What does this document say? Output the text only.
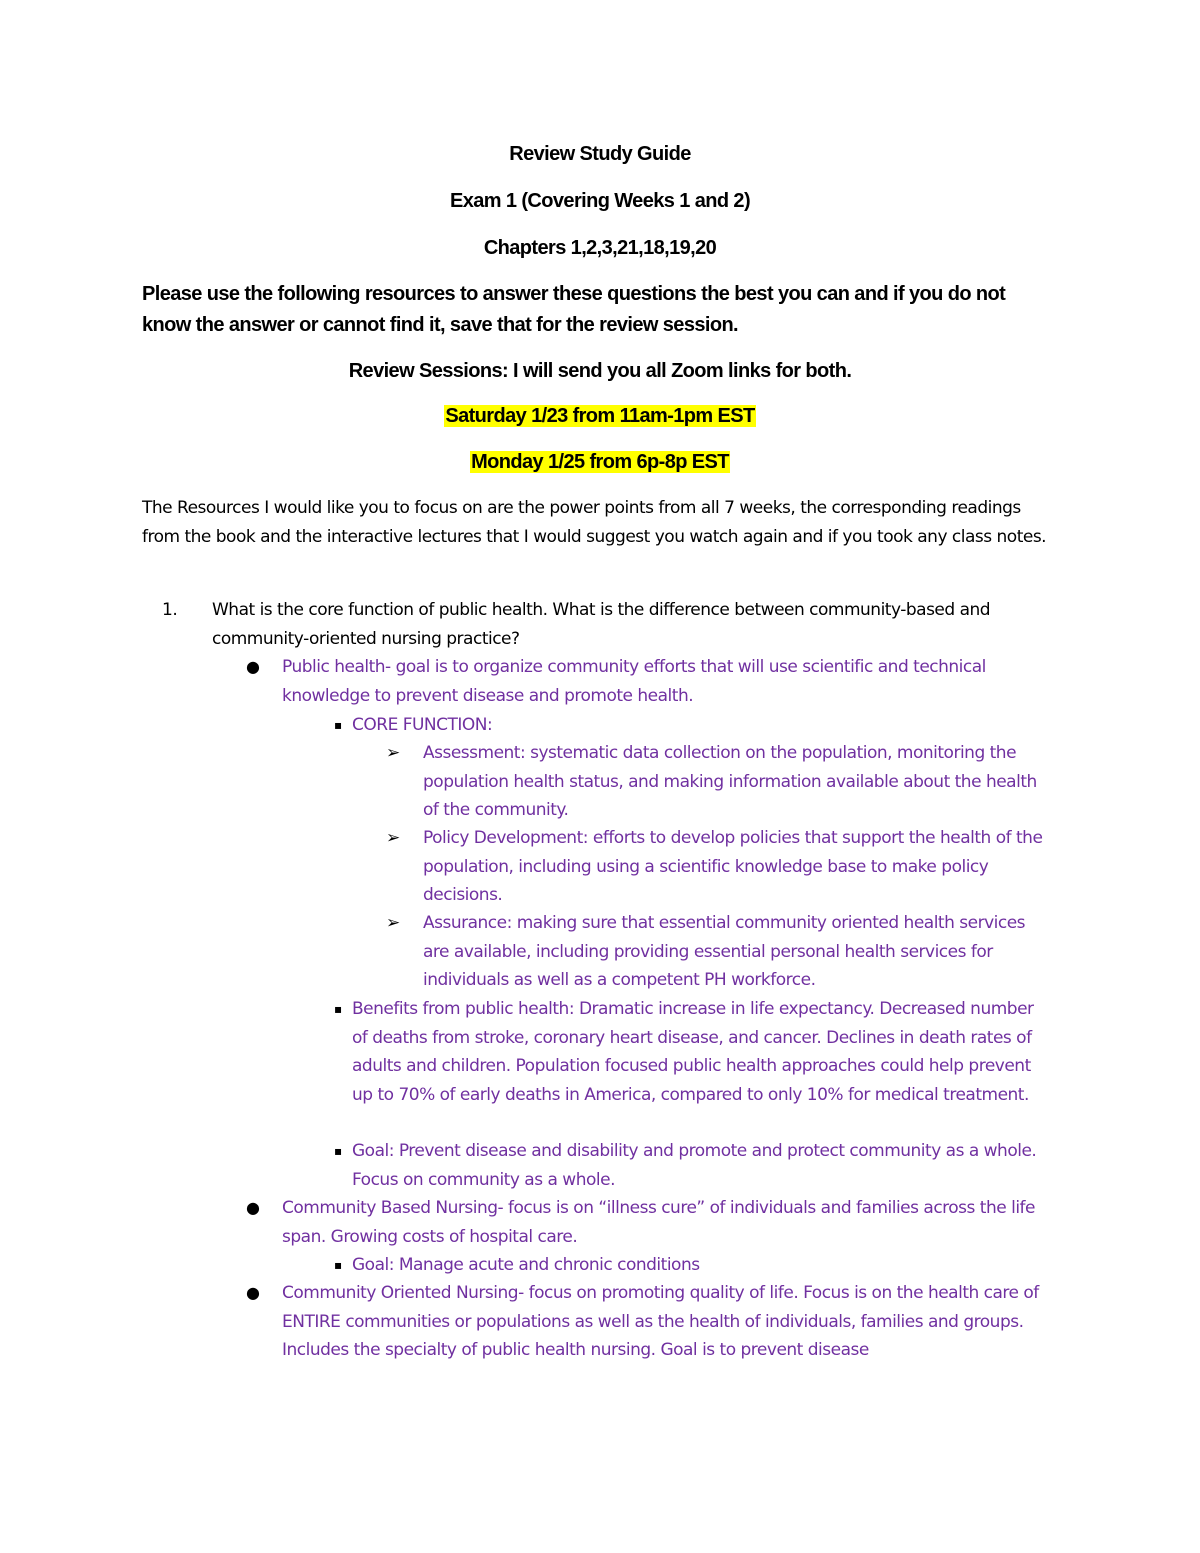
Review Study Guide
Exam 1 (Covering Weeks 1 and 2)
Chapters 1,2,3,21,18,19,20
Please use the following resources to answer these questions the best you can and if you do not know the answer or cannot find it, save that for the review session.
Review Sessions: I will send you all Zoom links for both.
Saturday 1/23 from 11am-1pm EST
Monday 1/25 from 6p-8p EST
The Resources I would like you to focus on are the power points from all 7 weeks, the corresponding readings from the book and the interactive lectures that I would suggest you watch again and if you took any class notes.
1. What is the core function of public health. What is the difference between community-based and community-oriented nursing practice?
● Public health- goal is to organize community efforts that will use scientific and technical knowledge to prevent disease and promote health.
▪ CORE FUNCTION:
➢ Assessment: systematic data collection on the population, monitoring the population health status, and making information available about the health of the community.
➢ Policy Development: efforts to develop policies that support the health of the population, including using a scientific knowledge base to make policy decisions.
➢ Assurance: making sure that essential community oriented health services are available, including providing essential personal health services for individuals as well as a competent PH workforce.
▪ Benefits from public health: Dramatic increase in life expectancy. Decreased number of deaths from stroke, coronary heart disease, and cancer. Declines in death rates of adults and children. Population focused public health approaches could help prevent up to 70% of early deaths in America, compared to only 10% for medical treatment.
▪ Goal: Prevent disease and disability and promote and protect community as a whole. Focus on community as a whole.
● Community Based Nursing- focus is on “illness cure” of individuals and families across the life span. Growing costs of hospital care.
▪ Goal: Manage acute and chronic conditions
● Community Oriented Nursing- focus on promoting quality of life. Focus is on the health care of ENTIRE communities or populations as well as the health of individuals, families and groups. Includes the specialty of public health nursing. Goal is to prevent disease
